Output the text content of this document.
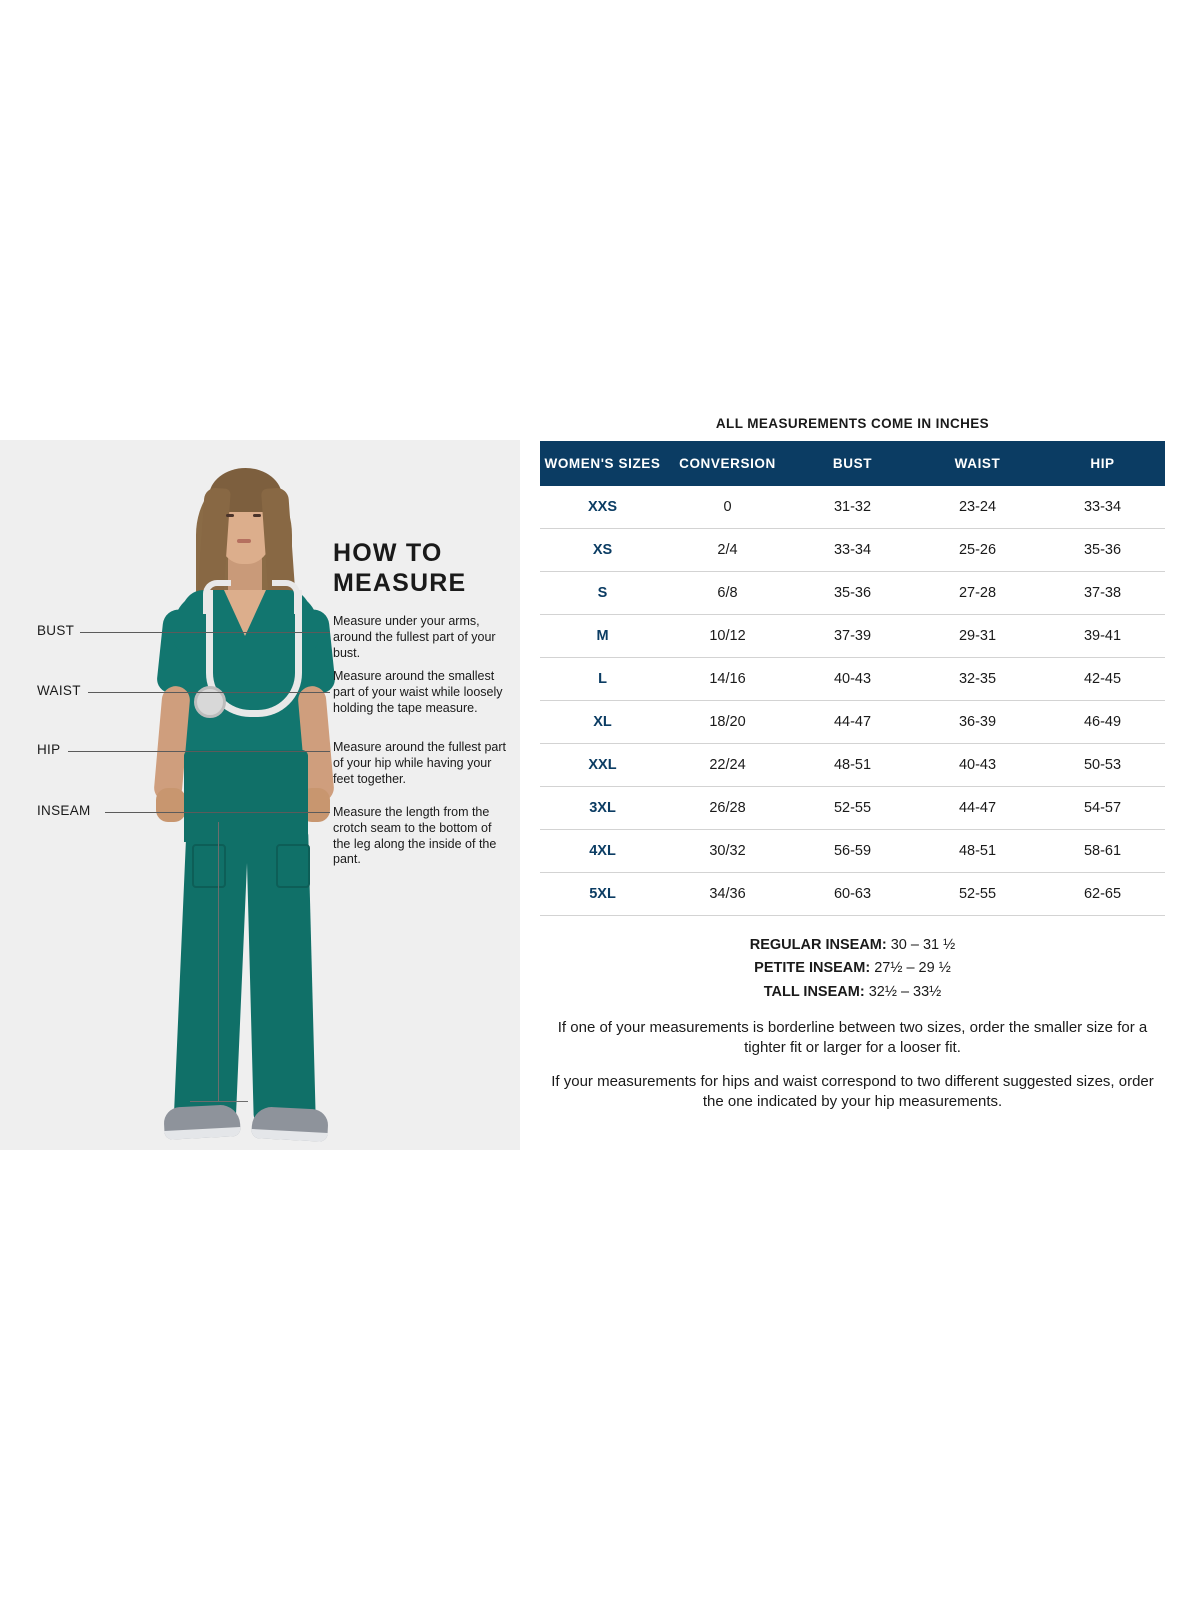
BUST
WAIST
HIP
INSEAM
HOW TO
MEASURE
Measure under your arms, around the fullest part of your bust.
Measure around the smallest part of your waist while loosely holding the tape measure.
Measure around the fullest part of your hip while having your feet together.
Measure the length from the crotch seam to the bottom of the leg along the inside of the pant.
ALL MEASUREMENTS COME IN INCHES
WOMEN'S SIZES	CONVERSION	BUST	WAIST	HIP
XXS	0	31-32	23-24	33-34
XS	2/4	33-34	25-26	35-36
S	6/8	35-36	27-28	37-38
M	10/12	37-39	29-31	39-41
L	14/16	40-43	32-35	42-45
XL	18/20	44-47	36-39	46-49
XXL	22/24	48-51	40-43	50-53
3XL	26/28	52-55	44-47	54-57
4XL	30/32	56-59	48-51	58-61
5XL	34/36	60-63	52-55	62-65
REGULAR INSEAM: 30 – 31 ½
PETITE INSEAM: 27½ – 29 ½
TALL INSEAM: 32½ – 33½
If one of your measurements is borderline between two sizes, order the smaller size for a tighter fit or larger for a looser fit.
If your measurements for hips and waist correspond to two different suggested sizes, order the one indicated by your hip measurements.
